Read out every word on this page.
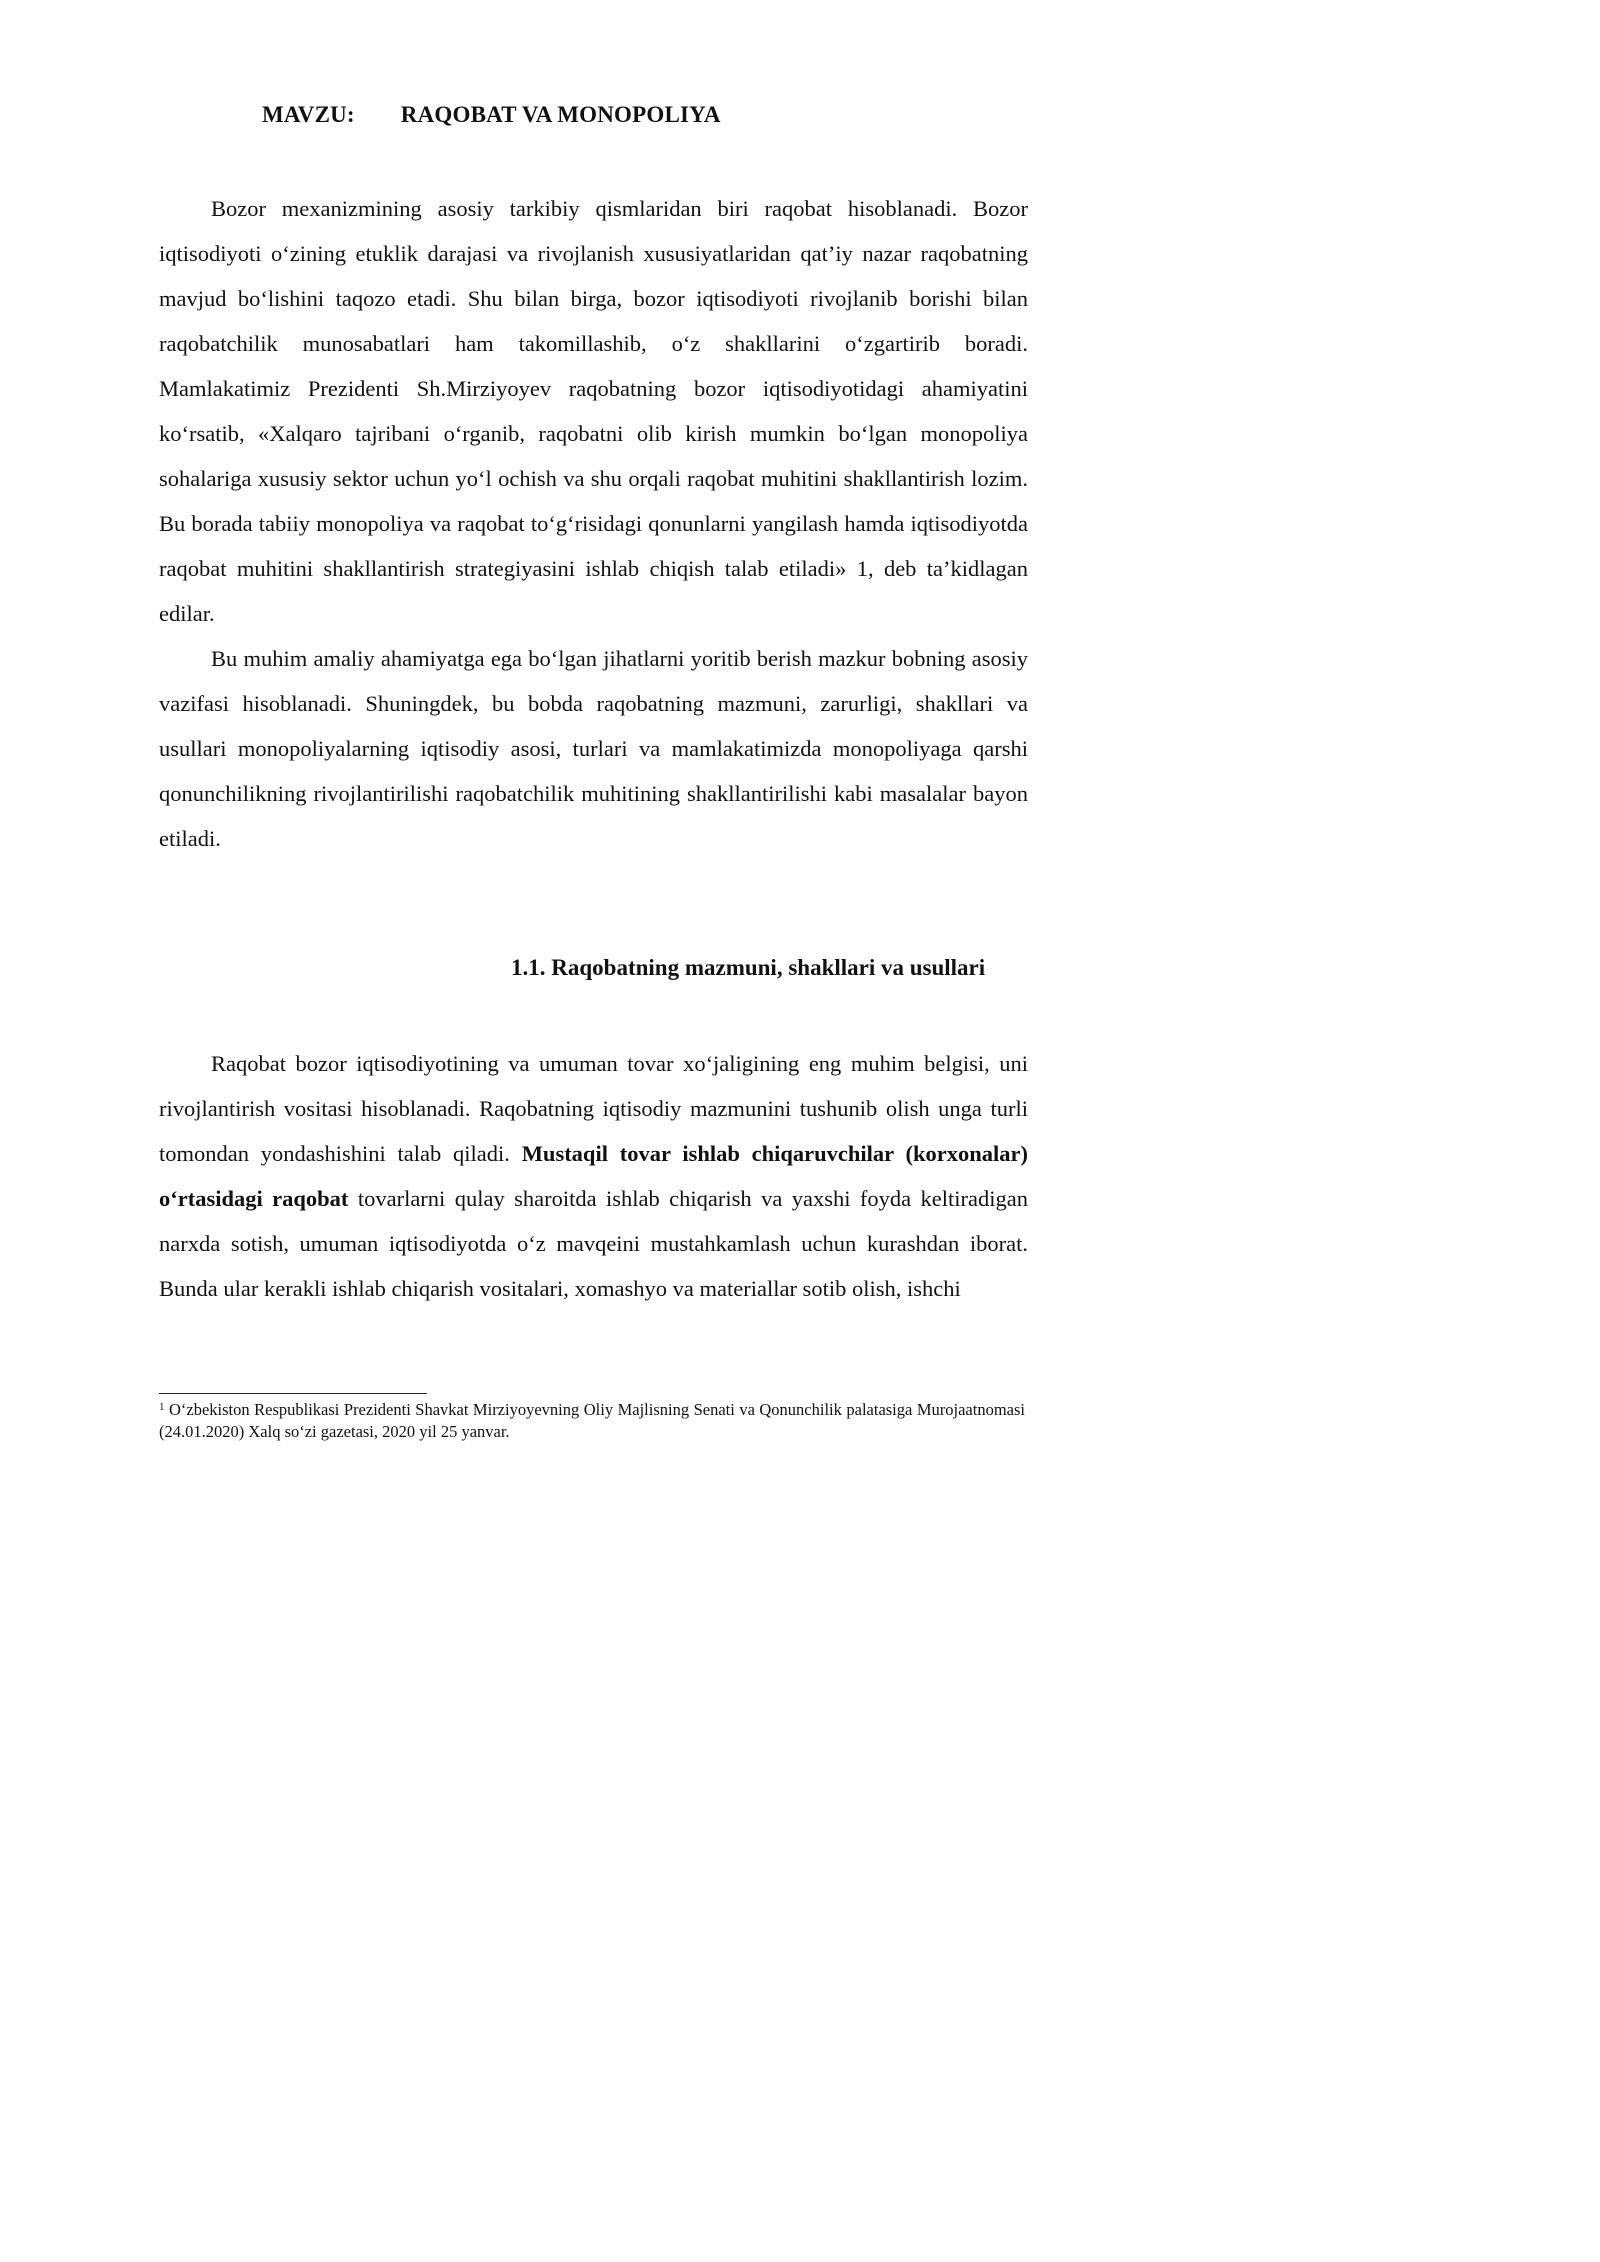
MAVZU: RAQOBAT VA MONOPOLIYA

Bozor mexanizmining asosiy tarkibiy qismlaridan biri raqobat hisoblanadi. Bozor iqtisodiyoti o‘zining etuklik darajasi va rivojlanish xususiyatlaridan qat’iy nazar raqobatning mavjud bo‘lishini taqozo etadi. Shu bilan birga, bozor iqtisodiyoti rivojlanib borishi bilan raqobatchilik munosabatlari ham takomillashib, o‘z shakllarini o‘zgartirib boradi. Mamlakatimiz Prezidenti Sh.Mirziyoyev raqobatning bozor iqtisodiyotidagi ahamiyatini ko‘rsatib, «Xalqaro tajribani o‘rganib, raqobatni olib kirish mumkin bo‘lgan monopoliya sohalariga xususiy sektor uchun yo‘l ochish va shu orqali raqobat muhitini shakllantirish lozim. Bu borada tabiiy monopoliya va raqobat to‘g‘risidagi qonunlarni yangilash hamda iqtisodiyotda raqobat muhitini shakllantirish strategiyasini ishlab chiqish talab etiladi» 1, deb ta’kidlagan edilar.

Bu muhim amaliy ahamiyatga ega bo‘lgan jihatlarni yoritib berish mazkur bobning asosiy vazifasi hisoblanadi. Shuningdek, bu bobda raqobatning mazmuni, zarurligi, shakllari va usullari monopoliyalarning iqtisodiy asosi, turlari va mamlakatimizda monopoliyaga qarshi qonunchilikning rivojlantirilishi raqobatchilik muhitining shakllantirilishi kabi masalalar bayon etiladi.

1.1. Raqobatning mazmuni, shakllari va usullari

Raqobat bozor iqtisodiyotining va umuman tovar xo‘jaligining eng muhim belgisi, uni rivojlantirish vositasi hisoblanadi. Raqobatning iqtisodiy mazmunini tushunib olish unga turli tomondan yondashishini talab qiladi. Mustaqil tovar ishlab chiqaruvchilar (korxonalar) o‘rtasidagi raqobat tovarlarni qulay sharoitda ishlab chiqarish va yaxshi foyda keltiradigan narxda sotish, umuman iqtisodiyotda o‘z mavqeini mustahkamlash uchun kurashdan iborat. Bunda ular kerakli ishlab chiqarish vositalari, xomashyo va materiallar sotib olish, ishchi

$^1$ O‘zbekiston Respublikasi Prezidenti Shavkat Mirziyoyevning Oliy Majlisning Senati va Qonunchilik palatasiga Murojaatnomasi (24.01.2020) Xalq so‘zi gazetasi, 2020 yil 25 yanvar.
